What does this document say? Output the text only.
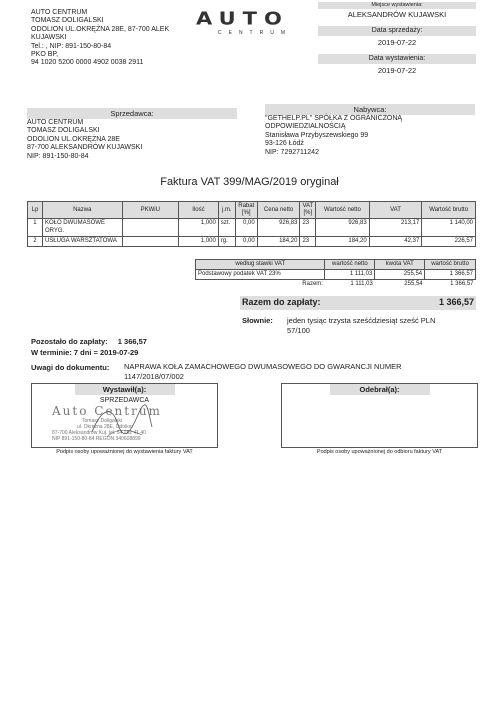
AUTO CENTRUM
TOMASZ DOLIGALSKI
ODOLION UL.OKRĘŻNA 28E, 87-700 ALEK
KUJAWSKI
Tel.: , NIP: 891-150-80-84
PKO BP,
94 1020 5200 0000 4902 0038 2911
AUTO
CENTRUM
Miejsce wystawienia:
ALEKSANDRÓW KUJAWSKI
Data sprzedaży:
2019-07-22
Data wystawienia:
2019-07-22
Sprzedawca:
AUTO CENTRUM
TOMASZ DOLIGALSKI
ODOLION UL.OKRĘŻNA 28E
87-700 ALEKSANDRÓW KUJAWSKI
NIP: 891-150-80-84
Nabywca:
"GETHELP.PL" SPÓŁKA Z OGRANICZONĄ
ODPOWIEDZIALNOŚCIĄ
Stanisława Przybyszewskiego 99
93-126 Łódź
NIP: 7292711242
Faktura VAT 399/MAG/2019 oryginał
Lp	Nazwa	PKWiU	Ilość	j.m.	Rabat [%]	Cena netto	VAT [%]	Wartość netto	VAT	Wartość brutto
1	KOŁO DWUMASOWE ORYG.		1,000	szt.	0,00	926,83	23	926,83	213,17	1 140,00
2	USŁUGA WARSZTATOWA		1,000	rg.	0,00	184,20	23	184,20	42,37	226,57
według stawki VAT	wartość netto	kwota VAT	wartość brutto
Podstawowy podatek VAT 23%	1 111,03	255,54	1 366,57
Razem:	1 111,03	255,54	1 366,57
Razem do zapłaty:	1 366,57
Słownie: jeden tysiąc trzysta sześćdziesiąt sześć PLN
57/100
Pozostało do zapłaty: 1 366,57
W terminie: 7 dni = 2019-07-29
Uwagi do dokumentu: NAPRAWA KOŁA ZAMACHOWEGO DWUMASOWEGO DO GWARANCJI NUMER
1147/2018/07/002
Wystawił(a):
SPRZEDAWCA
Auto Centrum
Tomasz Doligalski
ul. Okrężna 28E, Odolion
87-700 Aleksandrów Kuj. tel. 54 282 41 40
NIP 891-150-80-84 REGON 340608899
Podpis osoby upoważnionej do wystawienia faktury VAT
Odebrał(a):
Podpis osoby upoważnionej do odbioru faktury VAT
